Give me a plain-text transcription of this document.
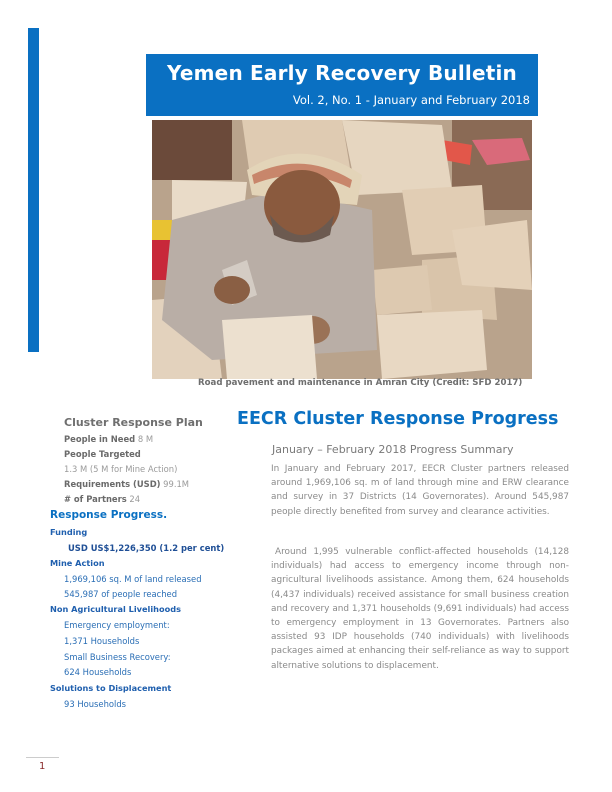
Yemen Early Recovery Bulletin
Vol. 2, No. 1 - January and February 2018
Road pavement and maintenance in Amran City (Credit: SFD 2017)
Cluster Response Plan
People in Need 8 M
People Targeted
1.3 M (5 M for Mine Action)
Requirements (USD) 99.1M
# of Partners 24
Response Progress.
Funding
USD US$1,226,350 (1.2 per cent)
Mine Action
1,969,106 sq. M of land released
545,987 of people reached
Non Agricultural Livelihoods
Emergency employment:
1,371 Households
Small Business Recovery:
624 Households
Solutions to Displacement
93 Households
EECR Cluster Response Progress
January – February 2018 Progress Summary

In January and February 2017, EECR Cluster partners released around 1,969,106 sq. m of land through mine and ERW clearance and survey in 37 Districts (14 Governorates). Around 545,987 people directly benefited from survey and clearance activities.

Around 1,995 vulnerable conflict-affected households (14,128 individuals) had access to emergency income through non-agricultural livelihoods assistance. Among them, 624 households (4,437 individuals) received assistance for small business creation and recovery and 1,371 households (9,691 individuals) had access to emergency employment in 13 Governorates. Partners also assisted 93 IDP households (740 individuals) with livelihoods packages aimed at enhancing their self-reliance as way to support alternative solutions to displacement.

1
